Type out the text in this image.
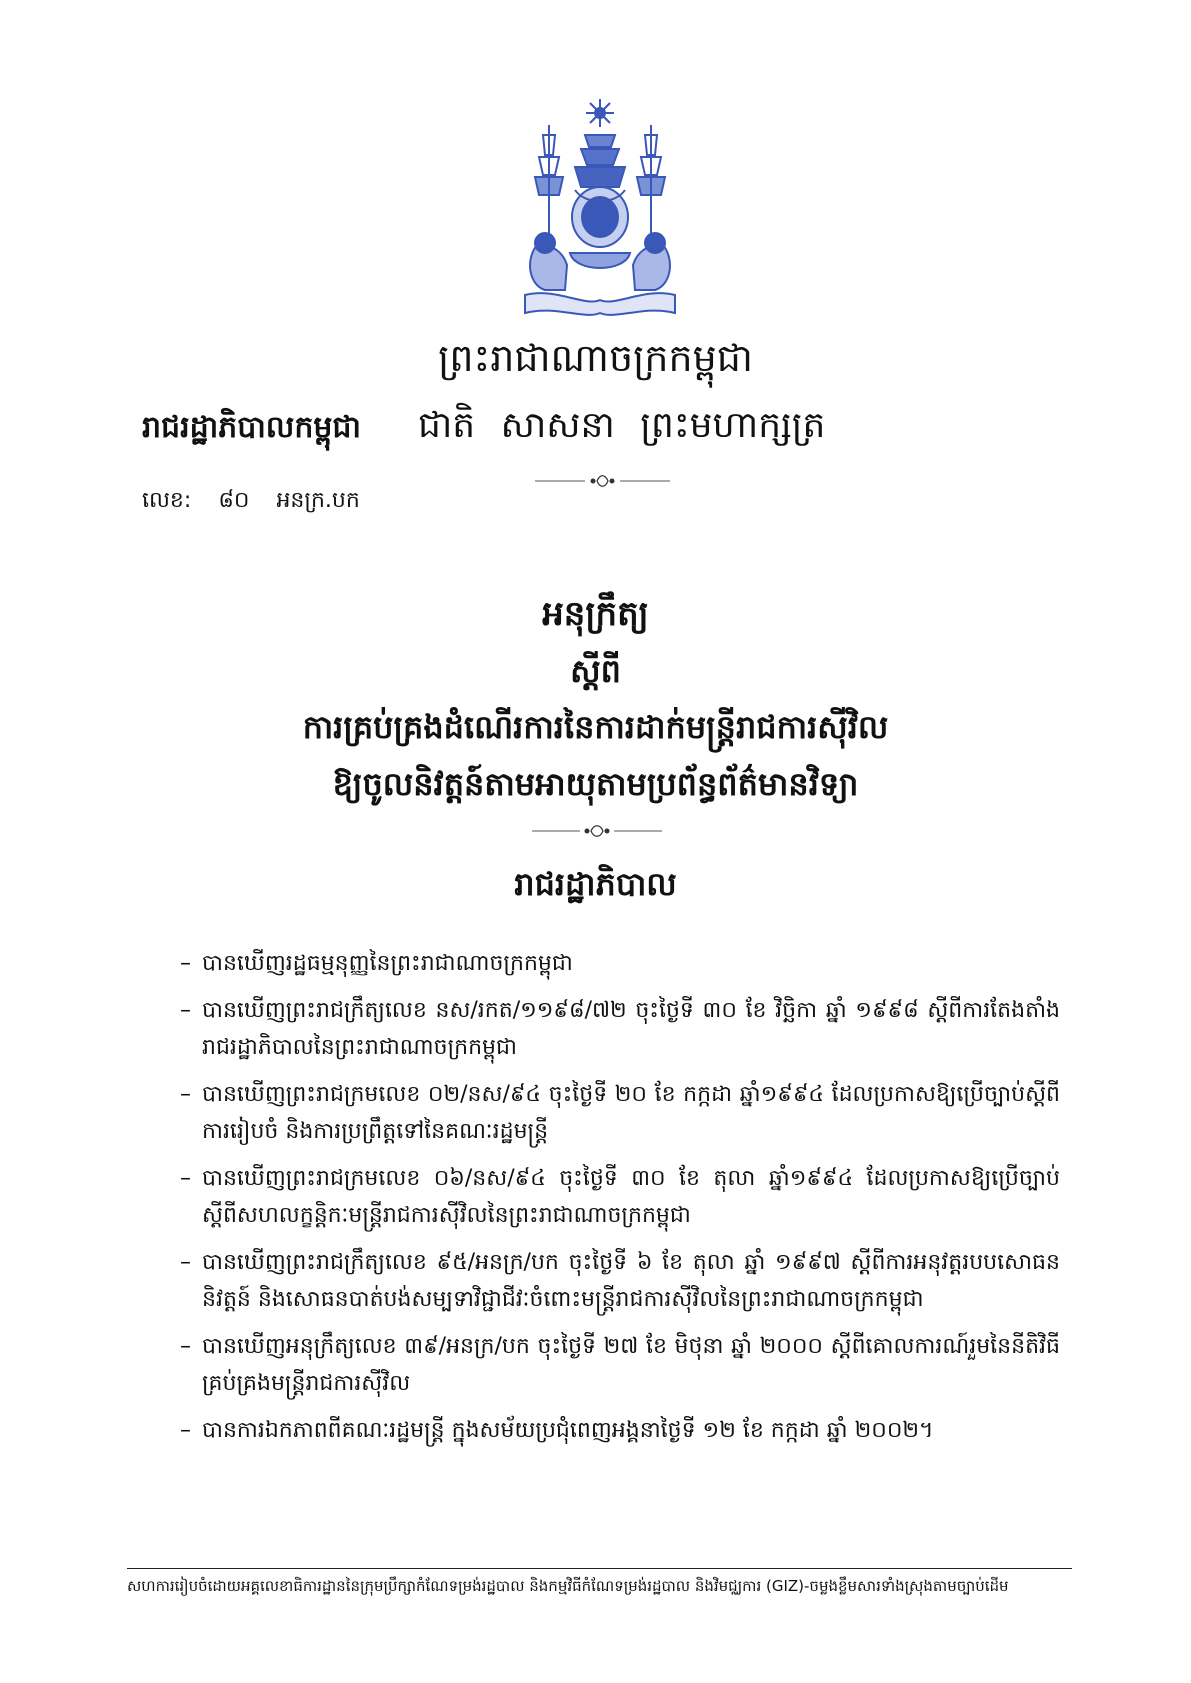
ព្រះរាជាណាចក្រកម្ពុជា
រាជរដ្ឋាភិបាលកម្ពុជា ជាតិ សាសនា ព្រះមហាក្សត្រ
លេខ: ៨០ អនក្រ.បក
អនុក្រឹត្យ
ស្តីពី
ការគ្រប់គ្រងដំណើរការនៃការដាក់មន្ត្រីរាជការស៊ីវិល
ឱ្យចូលនិវត្តន៍តាមអាយុតាមប្រព័ន្ធព័ត៌មានវិទ្យា
រាជរដ្ឋាភិបាល
– បានឃើញរដ្ឋធម្មនុញ្ញនៃព្រះរាជាណាចក្រកម្ពុជា
– បានឃើញព្រះរាជក្រឹត្យលេខ នស/រកត/១១៩៨/៧២ ចុះថ្ងៃទី ៣០ ខែ វិច្ឆិកា ឆ្នាំ ១៩៩៨ ស្តីពីការតែងតាំងរាជរដ្ឋាភិបាលនៃព្រះរាជាណាចក្រកម្ពុជា
– បានឃើញព្រះរាជក្រមលេខ ០២/នស/៩៤ ចុះថ្ងៃទី ២០ ខែ កក្កដា ឆ្នាំ១៩៩៤ ដែលប្រកាសឱ្យប្រើច្បាប់ស្តីពីការរៀបចំ និងការប្រព្រឹត្តទៅនៃគណៈរដ្ឋមន្ត្រី
– បានឃើញព្រះរាជក្រមលេខ ០៦/នស/៩៤ ចុះថ្ងៃទី ៣០ ខែ តុលា ឆ្នាំ១៩៩៤ ដែលប្រកាសឱ្យប្រើច្បាប់ស្តីពីសហលក្ខន្តិកៈមន្ត្រីរាជការស៊ីវិលនៃព្រះរាជាណាចក្រកម្ពុជា
– បានឃើញព្រះរាជក្រឹត្យលេខ ៩៥/អនក្រ/បក ចុះថ្ងៃទី ៦ ខែ តុលា ឆ្នាំ ១៩៩៧ ស្តីពីការអនុវត្តរបបសោធននិវត្តន៍ និងសោធនបាត់បង់សម្បទាវិជ្ជាជីវៈចំពោះមន្ត្រីរាជការស៊ីវិលនៃព្រះរាជាណាចក្រកម្ពុជា
– បានឃើញអនុក្រឹត្យលេខ ៣៩/អនក្រ/បក ចុះថ្ងៃទី ២៧ ខែ មិថុនា ឆ្នាំ ២០០០ ស្តីពីគោលការណ៍រួមនៃនីតិវិធីគ្រប់គ្រងមន្ត្រីរាជការស៊ីវិល
– បានការឯកភាពពីគណៈរដ្ឋមន្ត្រី ក្នុងសម័យប្រជុំពេញអង្គនាថ្ងៃទី ១២ ខែ កក្កដា ឆ្នាំ ២០០២។
សហការរៀបចំដោយអគ្គលេខាធិការដ្ឋាននៃក្រុមប្រឹក្សាកំណែទម្រង់រដ្ឋបាល និងកម្មវិធីកំណែទម្រង់រដ្ឋបាល និងវិមជ្ឈការ (GIZ)-ចម្លងខ្លឹមសារទាំងស្រុងតាមច្បាប់ដើម
